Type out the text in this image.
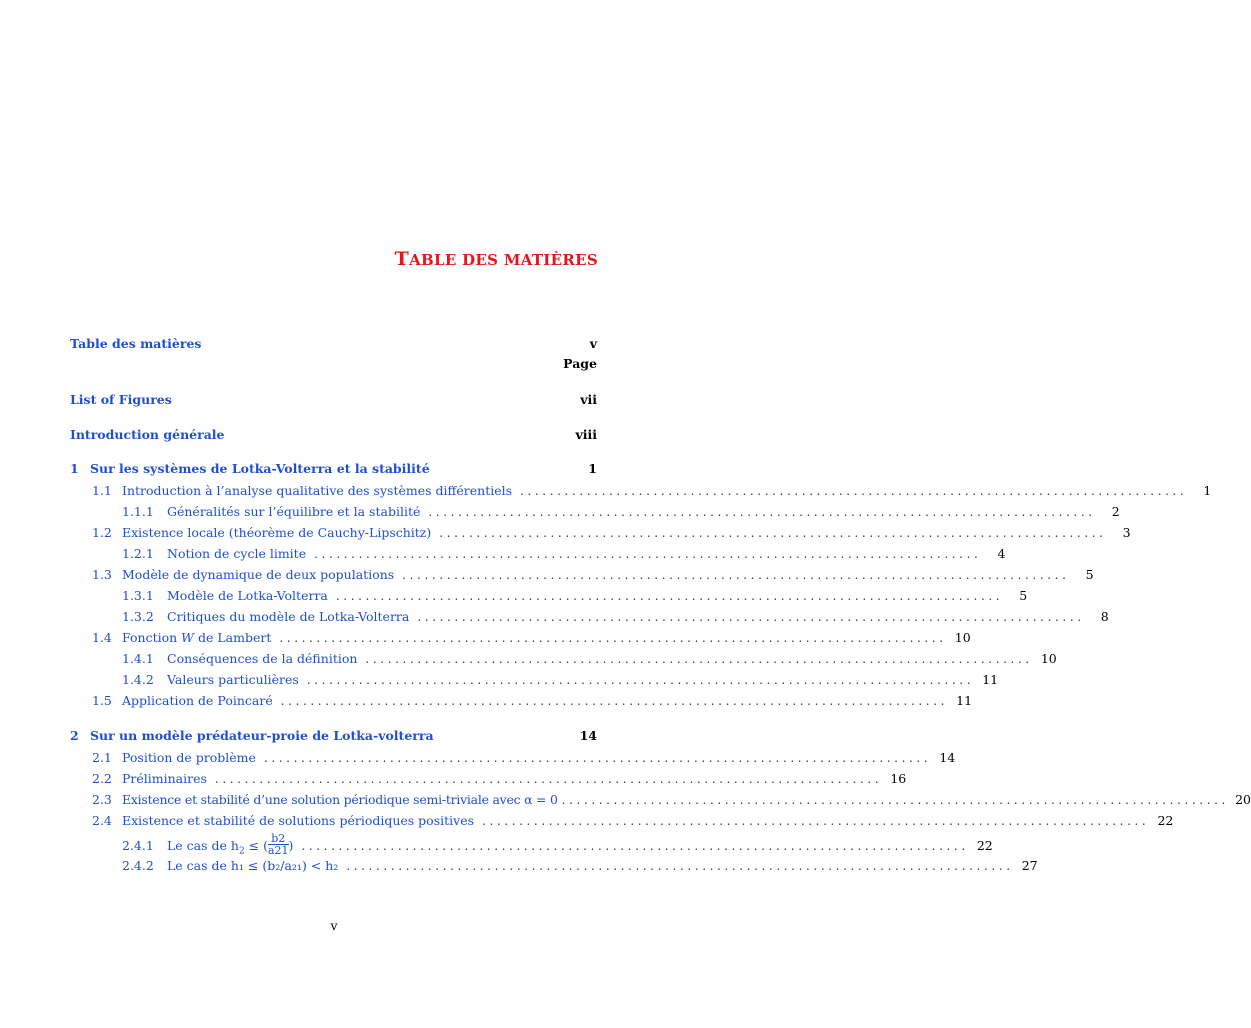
TABLE DES MATIÈRES
Table des matières	v
Page
List of Figures	vii
Introduction générale	viii
1 Sur les systèmes de Lotka-Volterra et la stabilité	1
1.1 Introduction à l’analyse qualitative des systèmes différentiels ..........................................................................................	1
1.1.1	Généralités sur l’équilibre et la stabilité ..........................................................................................	2
1.2 Existence locale (théorème de Cauchy-Lipschitz) ..........................................................................................	3
1.2.1	Notion de cycle limite ..........................................................................................	4
1.3 Modèle de dynamique de deux populations ..........................................................................................	5
1.3.1	Modèle de Lotka-Volterra ..........................................................................................	5
1.3.2	Critiques du modèle de Lotka-Volterra ..........................................................................................	8
1.4 Fonction W de Lambert .......................................................................................... 10
1.4.1	Conséquences de la définition .......................................................................................... 10
1.4.2	Valeurs particulières .......................................................................................... 11
1.5 Application de Poincaré .......................................................................................... 11
2 Sur un modèle prédateur-proie de Lotka-volterra	14
2.1 Position de problème .......................................................................................... 14
2.2 Préliminaires .......................................................................................... 16
2.3 Existence et stabilité d’une solution périodique semi-triviale avec α = 0 .......................................................................................... 20
2.4 Existence et stabilité de solutions périodiques positives .......................................................................................... 22
2.4.1	Le cas de $h_2$ ≤ ( $\frac{b2}{a21}$ ) .......................................................................................... 22
2.4.2	Le cas de h₁ ≤ (b₂/a₂₁) < h₂ .......................................................................................... 27
v
